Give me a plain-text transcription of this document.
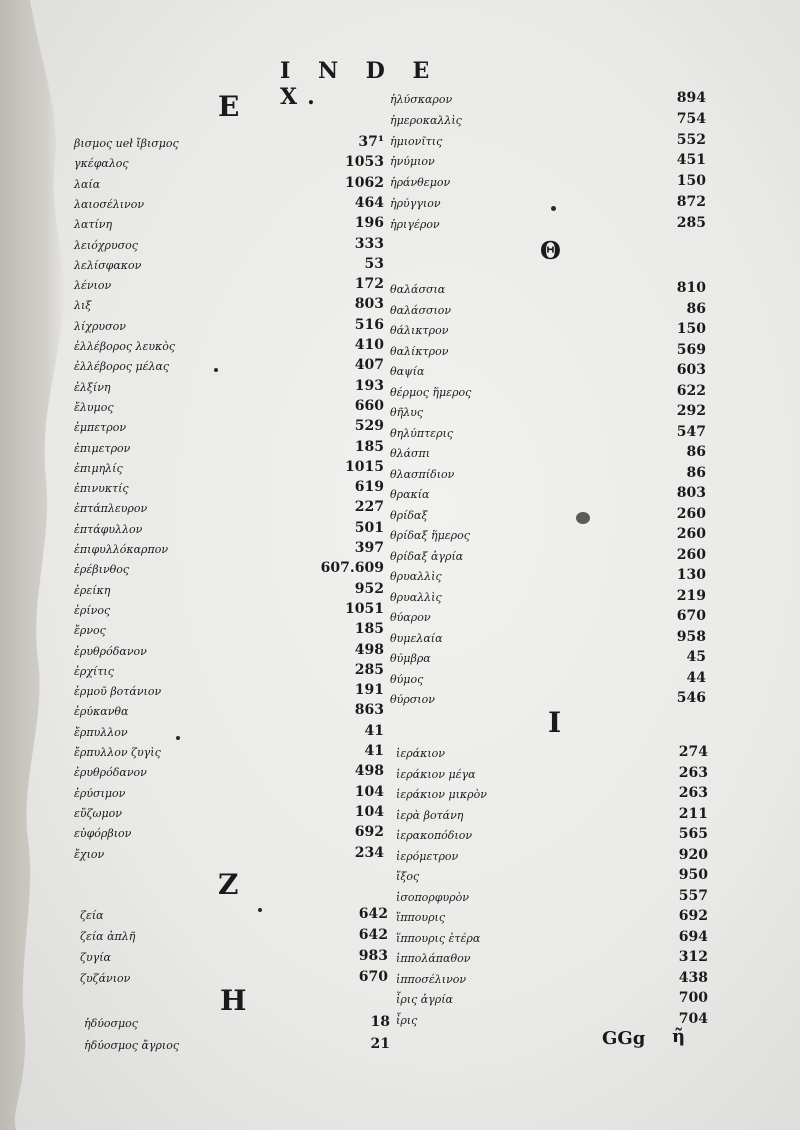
I N D E X.
E
Z
H
Θ
I
βισμος ueł ἴβισμος	37¹
γκέφαλος	1053
λαία	1062
λαιοσέλινον	464
λατίνη	196
λειόχρυσος	333
λελίσφακον	53
λένιον	172
λιξ	803
λίχρυσον	516
ἐλλέβορος λευκὸς	410
ἐλλέβορος μέλας	407
ἐλξίνη	193
ἔλυμος	660
ἐμπετρον	529
ἐπιμετρον	185
ἐπιμηλίς	1015
ἐπινυκτίς	619
ἐπτάπλευρον	227
ἐπτάφυλλον	501
ἐπιφυλλόκαρπον	397
ἐρέβινθος	607.609
ἐρείκη	952
ἐρίνος	1051
ἔρνος	185
ἐρυθρόδανον	498
ἐρχίτις	285
ἑρμοῦ βοτάνιον	191
ἐρύκανθα	863
ἔρπυλλον	41
ἔρπυλλον ζυγὶς	41
ἐρυθρόδανον	498
ἐρύσιμον	104
εὔζωμον	104
εὐφόρβιον	692
ἔχιον	234
ζεία	642
ζεία ἁπλῆ	642
ζυγία	983
ζυζάνιον	670
ἡδύοσμος	18
ἡδύοσμος ἄγριος	21
ἡλύσκαρον	894
ἡμεροκαλλὶς	754
ἡμιονῖτις	552
ἡνύμιον	451
ἠράνθεμον	150
ἠρύγγιον	872
ἠριγέρον	285
θαλάσσια	810
θαλάσσιον	86
θάλικτρον	150
θαλίκτρον	569
θαψία	603
θέρμος ἥμερος	622
θῆλυς	292
θηλύπτερις	547
θλάσπι	86
θλασπίδιον	86
θρακία	803
θρίδαξ	260
θρίδαξ ἥμερος	260
θρίδαξ ἀγρία	260
θρυαλλὶς	130
θρυαλλὶς	219
θύαρον	670
θυμελαία	958
θύμβρα	45
θύμος	44
θύρσιον	546
ἱεράκιον	274
ἱεράκιον μέγα	263
ἱεράκιον μικρὸν	263
ἱερὰ βοτάνη	211
ἱερακοπόδιον	565
ἱερόμετρον	920
ἴξος	950
ἰσοπορφυρὸν	557
ἵππουρις	692
ἵππουρις ἑτέρα	694
ἱππολάπαθον	312
ἱπποσέλινον	438
ἶρις ἀγρία	700
ἶρις	704
GGg ῆ
